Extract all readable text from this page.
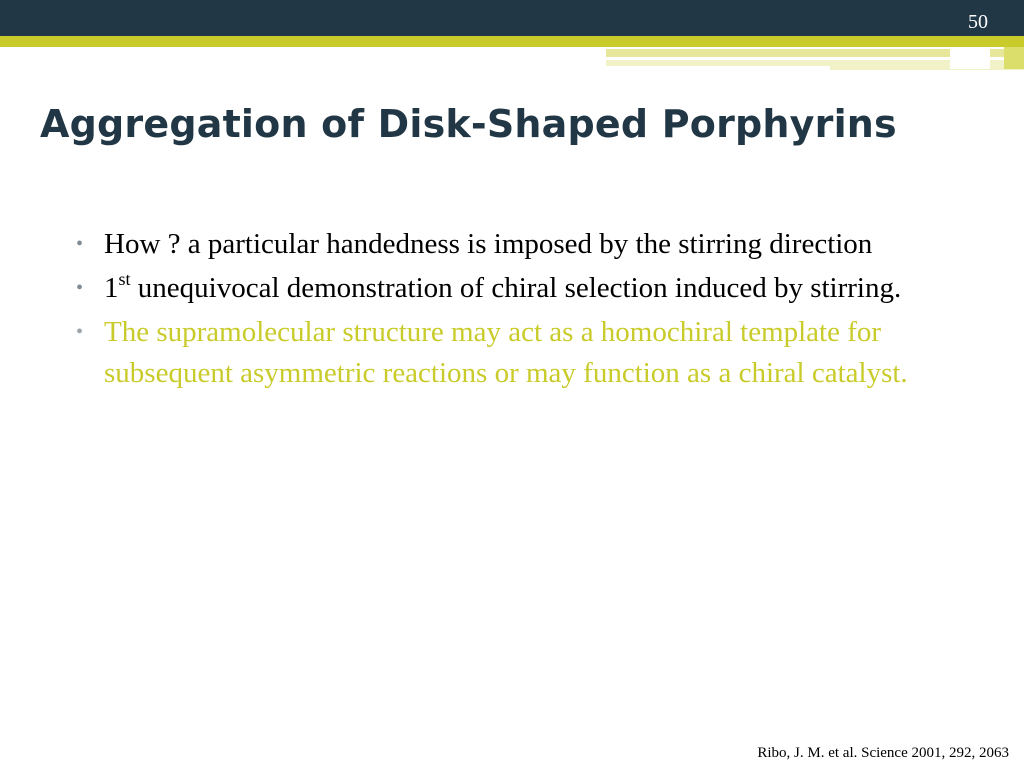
50
Aggregation of Disk-Shaped Porphyrins
• How ? a particular handedness is imposed by the stirring direction
• 1st unequivocal demonstration of chiral selection induced by stirring.
• The supramolecular structure may act as a homochiral template for subsequent asymmetric reactions or may function as a chiral catalyst.
Ribo, J. M. et al. Science 2001, 292, 2063
